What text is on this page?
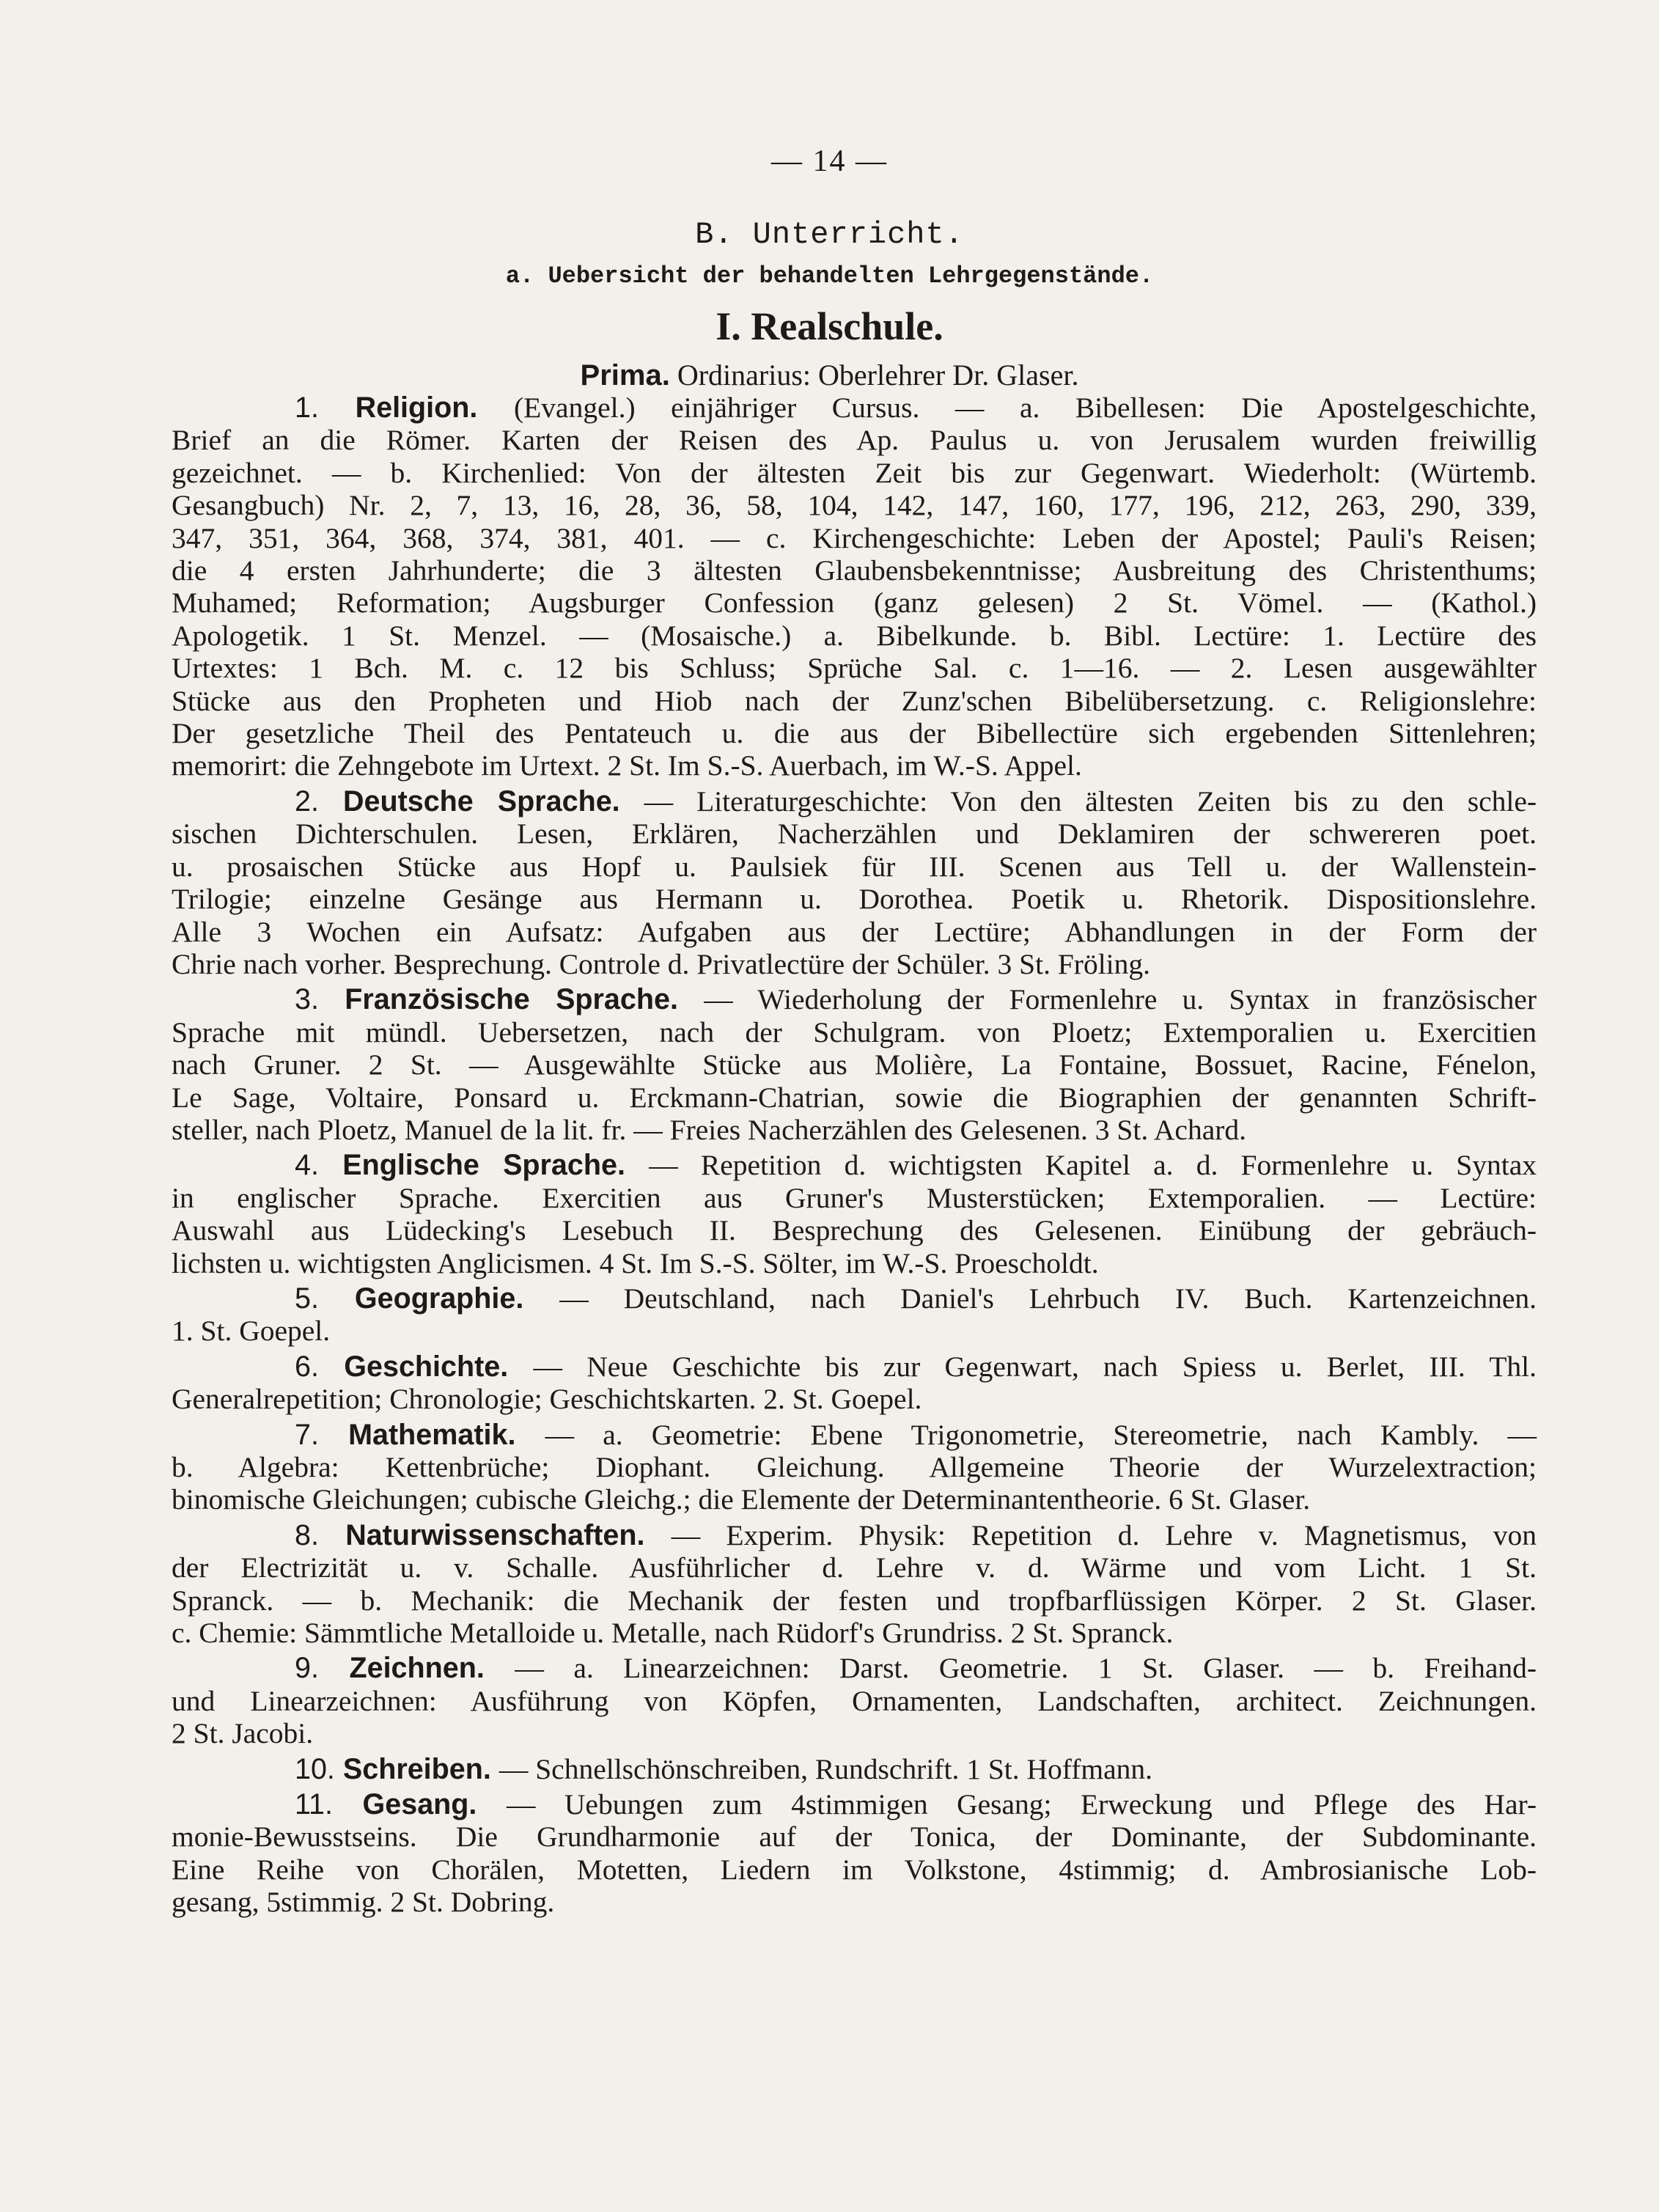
— 14 —
B. Unterricht.
a. Uebersicht der behandelten Lehrgegenstände.
I. Realschule.
Prima. Ordinarius: Oberlehrer Dr. Glaser.
1. Religion. (Evangel.) einjähriger Cursus. — a. Bibellesen: Die Apostelgeschichte,
Brief an die Römer. Karten der Reisen des Ap. Paulus u. von Jerusalem wurden freiwillig
gezeichnet. — b. Kirchenlied: Von der ältesten Zeit bis zur Gegenwart. Wiederholt: (Würtemb.
Gesangbuch) Nr. 2, 7, 13, 16, 28, 36, 58, 104, 142, 147, 160, 177, 196, 212, 263, 290, 339,
347, 351, 364, 368, 374, 381, 401. — c. Kirchengeschichte: Leben der Apostel; Pauli's Reisen;
die 4 ersten Jahrhunderte; die 3 ältesten Glaubensbekenntnisse; Ausbreitung des Christenthums;
Muhamed; Reformation; Augsburger Confession (ganz gelesen) 2 St. Vömel. — (Kathol.)
Apologetik. 1 St. Menzel. — (Mosaische.) a. Bibelkunde. b. Bibl. Lectüre: 1. Lectüre des
Urtextes: 1 Bch. M. c. 12 bis Schluss; Sprüche Sal. c. 1—16. — 2. Lesen ausgewählter
Stücke aus den Propheten und Hiob nach der Zunz'schen Bibelübersetzung. c. Religionslehre:
Der gesetzliche Theil des Pentateuch u. die aus der Bibellectüre sich ergebenden Sittenlehren;
memorirt: die Zehngebote im Urtext. 2 St. Im S.-S. Auerbach, im W.-S. Appel.
2. Deutsche Sprache. — Literaturgeschichte: Von den ältesten Zeiten bis zu den schle-
sischen Dichterschulen. Lesen, Erklären, Nacherzählen und Deklamiren der schwereren poet.
u. prosaischen Stücke aus Hopf u. Paulsiek für III. Scenen aus Tell u. der Wallenstein-
Trilogie; einzelne Gesänge aus Hermann u. Dorothea. Poetik u. Rhetorik. Dispositionslehre.
Alle 3 Wochen ein Aufsatz: Aufgaben aus der Lectüre; Abhandlungen in der Form der
Chrie nach vorher. Besprechung. Controle d. Privatlectüre der Schüler. 3 St. Fröling.
3. Französische Sprache. — Wiederholung der Formenlehre u. Syntax in französischer
Sprache mit mündl. Uebersetzen, nach der Schulgram. von Ploetz; Extemporalien u. Exercitien
nach Gruner. 2 St. — Ausgewählte Stücke aus Molière, La Fontaine, Bossuet, Racine, Fénelon,
Le Sage, Voltaire, Ponsard u. Erckmann-Chatrian, sowie die Biographien der genannten Schrift-
steller, nach Ploetz, Manuel de la lit. fr. — Freies Nacherzählen des Gelesenen. 3 St. Achard.
4. Englische Sprache. — Repetition d. wichtigsten Kapitel a. d. Formenlehre u. Syntax
in englischer Sprache. Exercitien aus Gruner's Musterstücken; Extemporalien. — Lectüre:
Auswahl aus Lüdecking's Lesebuch II. Besprechung des Gelesenen. Einübung der gebräuch-
lichsten u. wichtigsten Anglicismen. 4 St. Im S.-S. Sölter, im W.-S. Proescholdt.
5. Geographie. — Deutschland, nach Daniel's Lehrbuch IV. Buch. Kartenzeichnen.
1. St. Goepel.
6. Geschichte. — Neue Geschichte bis zur Gegenwart, nach Spiess u. Berlet, III. Thl.
Generalrepetition; Chronologie; Geschichtskarten. 2. St. Goepel.
7. Mathematik. — a. Geometrie: Ebene Trigonometrie, Stereometrie, nach Kambly. —
b. Algebra: Kettenbrüche; Diophant. Gleichung. Allgemeine Theorie der Wurzelextraction;
binomische Gleichungen; cubische Gleichg.; die Elemente der Determinantentheorie. 6 St. Glaser.
8. Naturwissenschaften. — Experim. Physik: Repetition d. Lehre v. Magnetismus, von
der Electrizität u. v. Schalle. Ausführlicher d. Lehre v. d. Wärme und vom Licht. 1 St.
Spranck. — b. Mechanik: die Mechanik der festen und tropfbarflüssigen Körper. 2 St. Glaser.
c. Chemie: Sämmtliche Metalloide u. Metalle, nach Rüdorf's Grundriss. 2 St. Spranck.
9. Zeichnen. — a. Linearzeichnen: Darst. Geometrie. 1 St. Glaser. — b. Freihand-
und Linearzeichnen: Ausführung von Köpfen, Ornamenten, Landschaften, architect. Zeichnungen.
2 St. Jacobi.
10. Schreiben. — Schnellschönschreiben, Rundschrift. 1 St. Hoffmann.
11. Gesang. — Uebungen zum 4stimmigen Gesang; Erweckung und Pflege des Har-
monie-Bewusstseins. Die Grundharmonie auf der Tonica, der Dominante, der Subdominante.
Eine Reihe von Chorälen, Motetten, Liedern im Volkstone, 4stimmig; d. Ambrosianische Lob-
gesang, 5stimmig. 2 St. Dobring.
